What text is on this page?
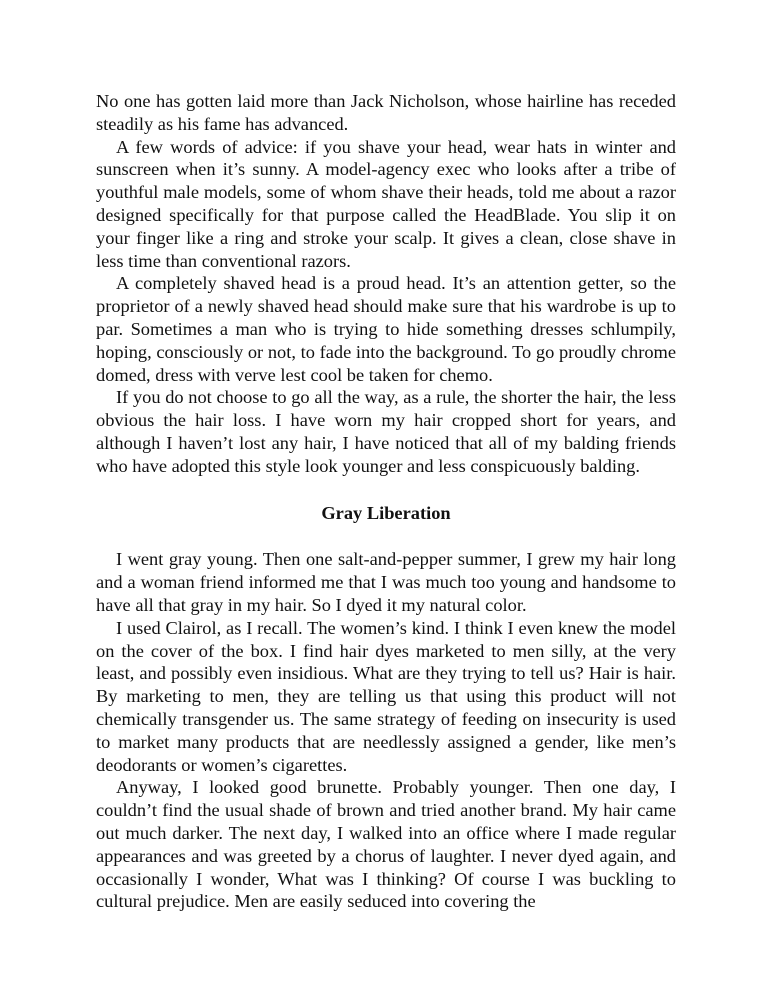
No one has gotten laid more than Jack Nicholson, whose hairline has receded steadily as his fame has advanced.

A few words of advice: if you shave your head, wear hats in winter and sunscreen when it’s sunny. A model-agency exec who looks after a tribe of youthful male models, some of whom shave their heads, told me about a razor designed specifically for that purpose called the HeadBlade. You slip it on your finger like a ring and stroke your scalp. It gives a clean, close shave in less time than conventional razors.

A completely shaved head is a proud head. It’s an attention getter, so the proprietor of a newly shaved head should make sure that his wardrobe is up to par. Sometimes a man who is trying to hide something dresses schlumpily, hoping, consciously or not, to fade into the background. To go proudly chrome domed, dress with verve lest cool be taken for chemo.

If you do not choose to go all the way, as a rule, the shorter the hair, the less obvious the hair loss. I have worn my hair cropped short for years, and although I haven’t lost any hair, I have noticed that all of my balding friends who have adopted this style look younger and less conspicuously balding.

Gray Liberation

I went gray young. Then one salt-and-pepper summer, I grew my hair long and a woman friend informed me that I was much too young and handsome to have all that gray in my hair. So I dyed it my natural color.

I used Clairol, as I recall. The women’s kind. I think I even knew the model on the cover of the box. I find hair dyes marketed to men silly, at the very least, and possibly even insidious. What are they trying to tell us? Hair is hair. By marketing to men, they are telling us that using this product will not chemically transgender us. The same strategy of feeding on insecurity is used to market many products that are needlessly assigned a gender, like men’s deodorants or women’s cigarettes.

Anyway, I looked good brunette. Probably younger. Then one day, I couldn’t find the usual shade of brown and tried another brand. My hair came out much darker. The next day, I walked into an office where I made regular appearances and was greeted by a chorus of laughter. I never dyed again, and occasionally I wonder, What was I thinking? Of course I was buckling to cultural prejudice. Men are easily seduced into covering the
